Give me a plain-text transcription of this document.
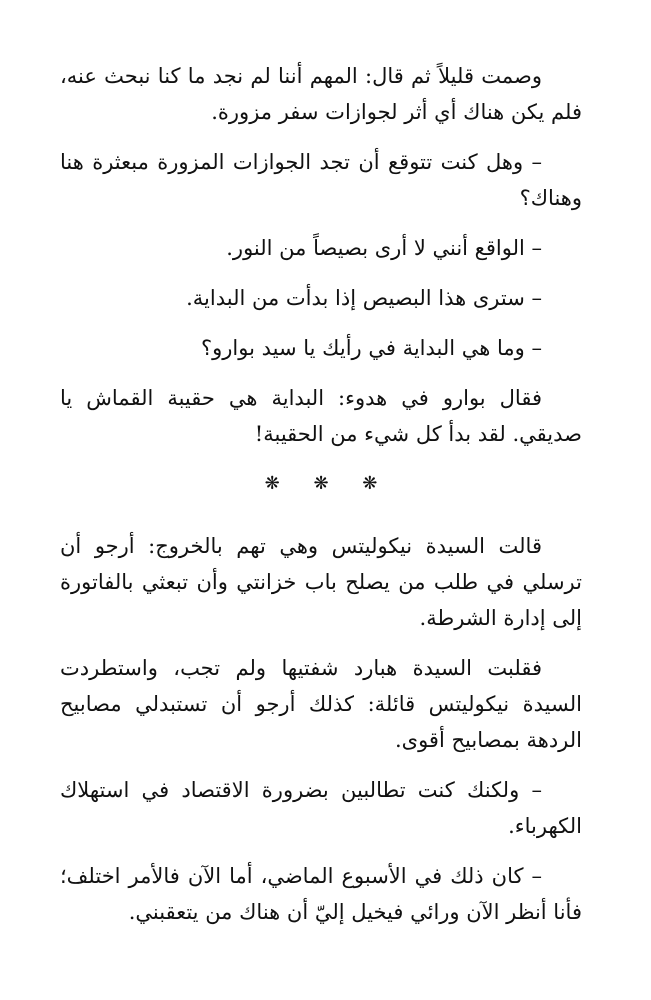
وصمت قليلاً ثم قال: المهم أننا لم نجد ما كنا نبحث عنه، فلم يكن هناك أي أثر لجوازات سفر مزورة.

– وهل كنت تتوقع أن تجد الجوازات المزورة مبعثرة هنا وهناك؟

– الواقع أنني لا أرى بصيصاً من النور.

– سترى هذا البصيص إذا بدأت من البداية.

– وما هي البداية في رأيك يا سيد بوارو؟

فقال بوارو في هدوء: البداية هي حقيبة القماش يا صديقي. لقد بدأ كل شيء من الحقيبة!

❋ ❋ ❋

قالت السيدة نيكوليتس وهي تهم بالخروج: أرجو أن ترسلي في طلب من يصلح باب خزانتي وأن تبعثي بالفاتورة إلى إدارة الشرطة.

فقلبت السيدة هبارد شفتيها ولم تجب، واستطردت السيدة نيكوليتس قائلة: كذلك أرجو أن تستبدلي مصابيح الردهة بمصابيح أقوى.

– ولكنك كنت تطالبين بضرورة الاقتصاد في استهلاك الكهرباء.

– كان ذلك في الأسبوع الماضي، أما الآن فالأمر اختلف؛ فأنا أنظر الآن ورائي فيخيل إليّ أن هناك من يتعقبني.
